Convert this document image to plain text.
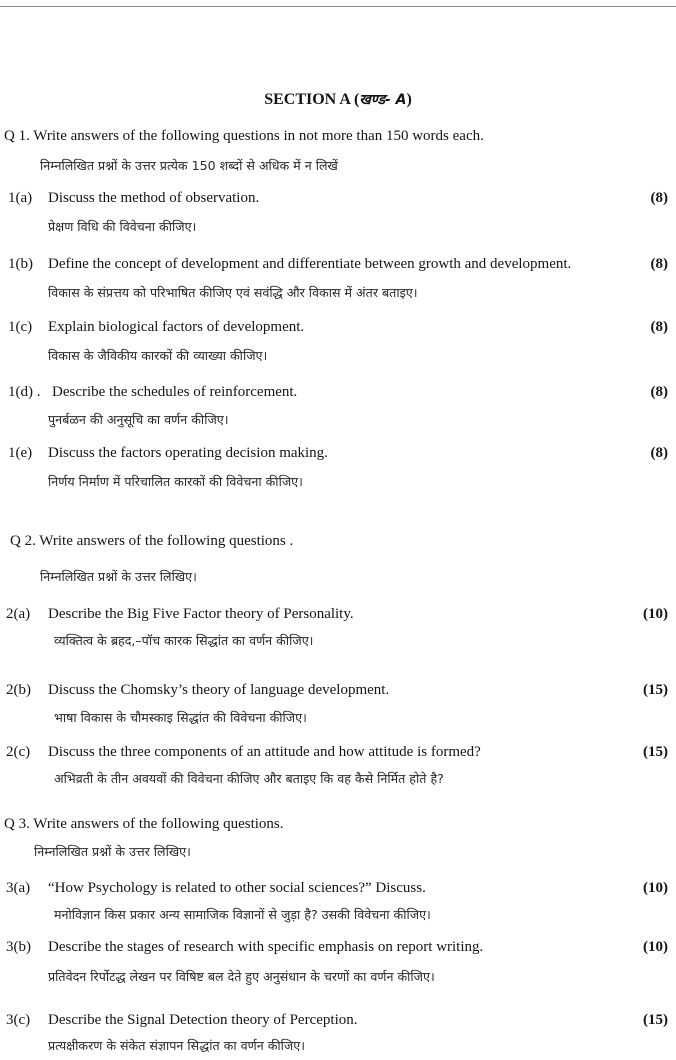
SECTION A (खण्ड- A)
Q 1. Write answers of the following questions in not more than 150 words each.
निम्नलिखित प्रश्नों के उत्तर प्रत्येक 150 शब्दों से अधिक में न लिखें
1(a) Discuss the method of observation.	(8)
प्रेक्षण विधि की विवेचना कीजिए।
1(b) Define the concept of development and differentiate between growth and development.	(8)
विकास के संप्रत्तय को परिभाषित कीजिए एवं सवंद्धि और विकास में अंतर बताइए।
1(c) Explain biological factors of development.	(8)
विकास के जैविकीय कारकों की व्याख्या कीजिए।
1(d) . Describe the schedules of reinforcement.	(8)
पुनर्बळन की अनुसूचि का वर्णन कीजिए।
1(e) Discuss the factors operating decision making.	(8)
निर्णय निर्माण में परिचालित कारकों की विवेचना कीजिए।
Q 2. Write answers of the following questions .
निम्नलिखित प्रश्नों के उत्तर लिखिए।
2(a) Describe the Big Five Factor theory of Personality.	(10)
व्यक्तित्व के ब्रहद,–पॉच कारक सिद्धांत का वर्णन कीजिए।
2(b) Discuss the Chomsky’s theory of language development.	(15)
भाषा विकास के चौमस्काइ सिद्धांत की विवेचना कीजिए।
2(c) Discuss the three components of an attitude and how attitude is formed?	(15)
अभिव्रती के तीन अवयवों की विवेचना कीजिए और बताइए कि वह कैसे निर्मित होते है?
Q 3. Write answers of the following questions.
निम्नलिखित प्रश्नों के उत्तर लिखिए।
3(a) “How Psychology is related to other social sciences?” Discuss.	(10)
मनोविज्ञान किस प्रकार अन्य सामाजिक विज्ञानों से जुड़ा है? उसकी विवेचना कीजिए।
3(b) Describe the stages of research with specific emphasis on report writing.	(10)
प्रतिवेदन रिर्पोटद्ध लेखन पर विषिष्ट बल देते हुए अनुसंधान के चरणों का वर्णन कीजिए।
3(c) Describe the Signal Detection theory of Perception.	(15)
प्रत्यक्षीकरण के संकेत संज्ञापन सिद्धांत का वर्णन कीजिए।
